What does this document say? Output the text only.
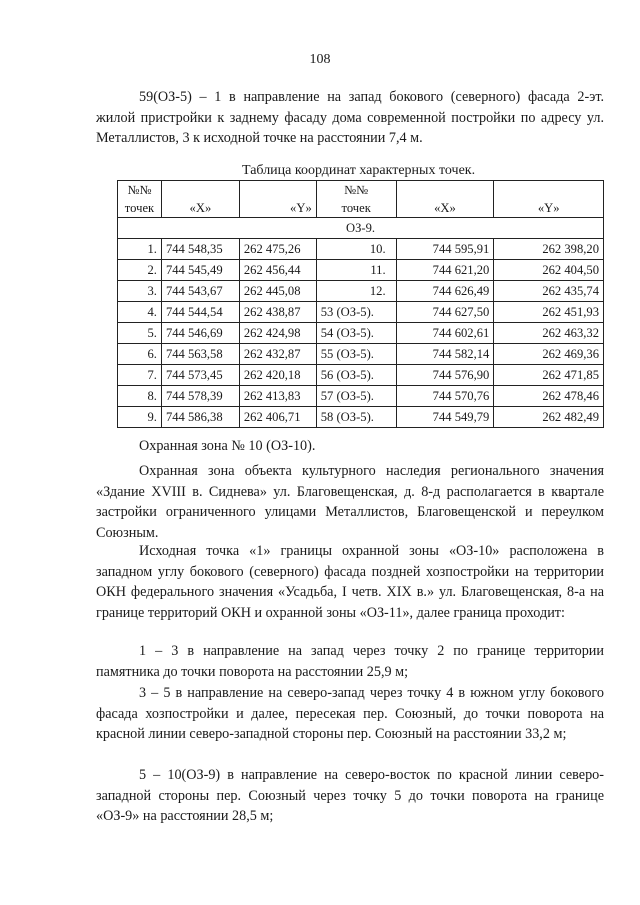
108

59(ОЗ-5) – 1 в направление на запад бокового (северного) фасада 2-эт. жилой пристройки к заднему фасаду дома современной постройки по адресу ул. Металлистов, 3 к исходной точке на расстоянии 7,4 м.

Таблица координат характерных точек.
№№			№№		
точек	«X»	«Y»	точек	«X»	«Y»
ОЗ-9.					
1.	744 548,35	262 475,26	10.	744 595,91	262 398,20
2.	744 545,49	262 456,44	11.	744 621,20	262 404,50
3.	744 543,67	262 445,08	12.	744 626,49	262 435,74
4.	744 544,54	262 438,87	53 (ОЗ-5).	744 627,50	262 451,93
5.	744 546,69	262 424,98	54 (ОЗ-5).	744 602,61	262 463,32
6.	744 563,58	262 432,87	55 (ОЗ-5).	744 582,14	262 469,36
7.	744 573,45	262 420,18	56 (ОЗ-5).	744 576,90	262 471,85
8.	744 578,39	262 413,83	57 (ОЗ-5).	744 570,76	262 478,46
9.	744 586,38	262 406,71	58 (ОЗ-5).	744 549,79	262 482,49

Охранная зона № 10 (ОЗ-10).

Охранная зона объекта культурного наследия регионального значения «Здание XVIII в. Сиднева» ул. Благовещенская, д. 8-д располагается в квартале застройки ограниченного улицами Металлистов, Благовещенской и переулком Союзным.

Исходная точка «1» границы охранной зоны «ОЗ-10» расположена в западном углу бокового (северного) фасада поздней хозпостройки на территории ОКН федерального значения «Усадьба, I четв. XIX в.» ул. Благовещенская, 8-а на границе территорий ОКН и охранной зоны «ОЗ-11», далее граница проходит:

1 – 3 в направление на запад через точку 2 по границе территории памятника до точки поворота на расстоянии 25,9 м;

3 – 5 в направление на северо-запад через точку 4 в южном углу бокового фасада хозпостройки и далее, пересекая пер. Союзный, до точки поворота на красной линии северо-западной стороны пер. Союзный на расстоянии 33,2 м;

5 – 10(ОЗ-9) в направление на северо-восток по красной линии северо-западной стороны пер. Союзный через точку 5 до точки поворота на границе «ОЗ-9» на расстоянии 28,5 м;
